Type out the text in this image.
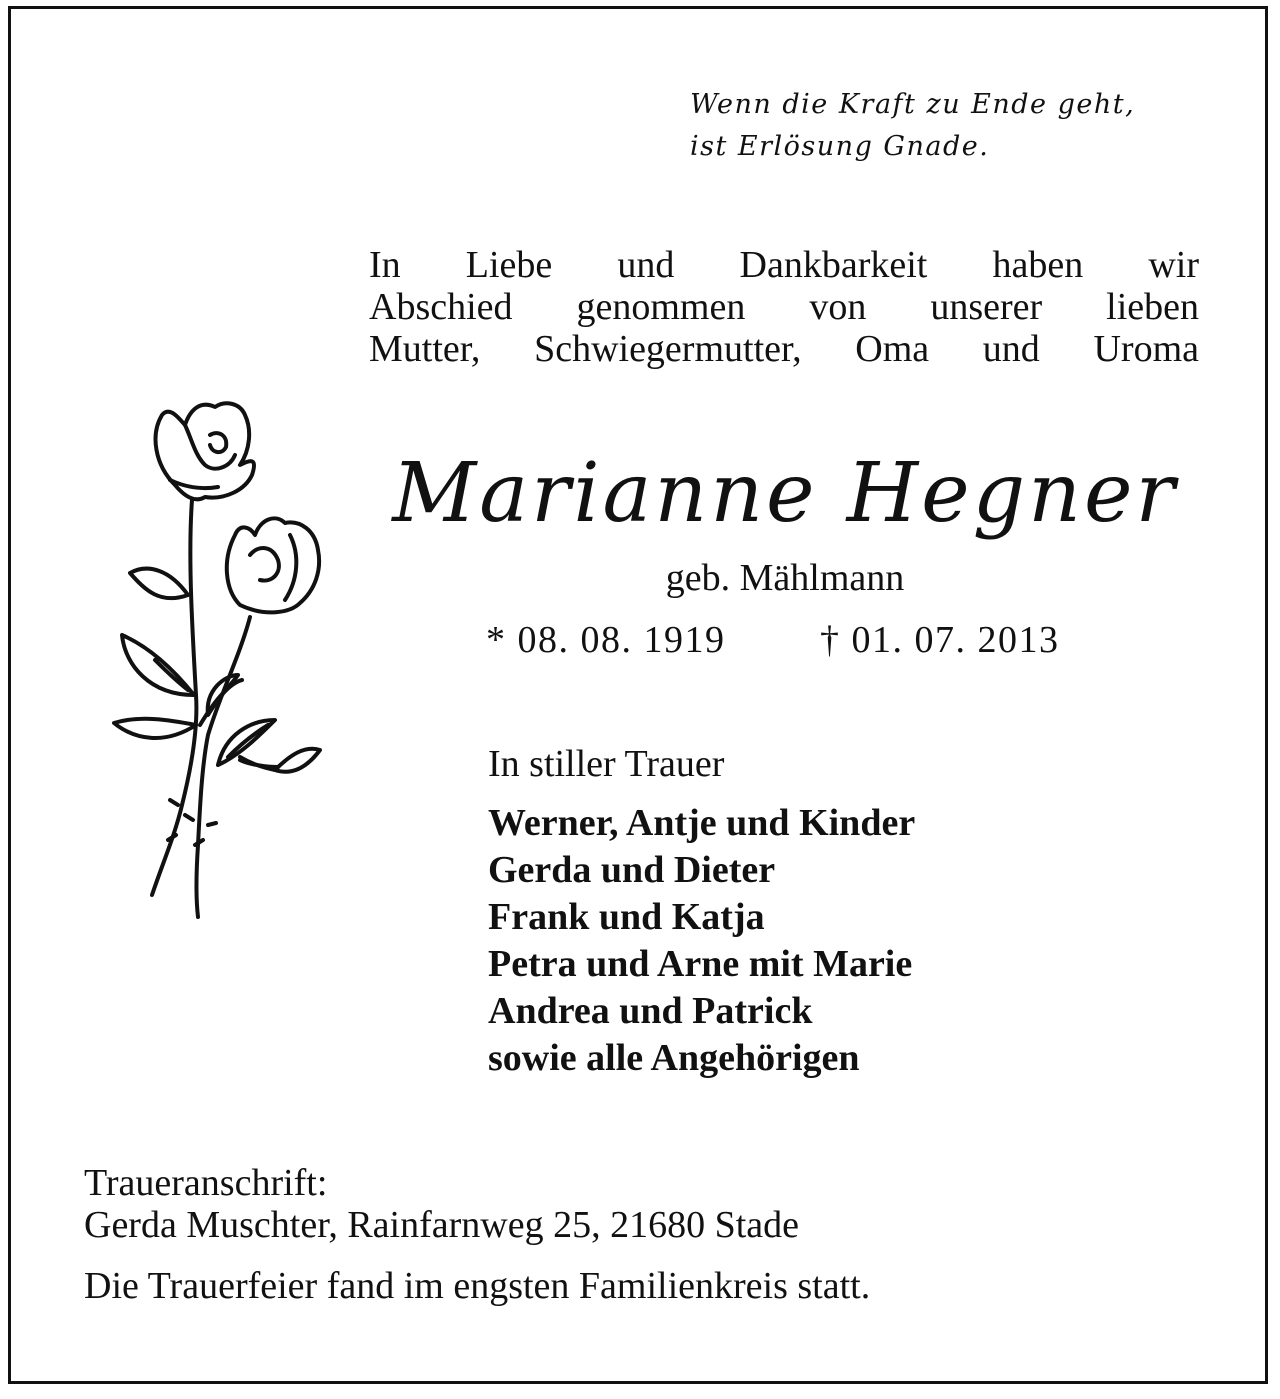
Wenn die Kraft zu Ende geht,
ist Erlösung Gnade.
In Liebe und Dankbarkeit haben wir
Abschied genommen von unserer lieben
Mutter, Schwiegermutter, Oma und Uroma
Marianne Hegner
geb. Mählmann
* 08. 08. 1919 † 01. 07. 2013
In stiller Trauer
Werner, Antje und Kinder
Gerda und Dieter
Frank und Katja
Petra und Arne mit Marie
Andrea und Patrick
sowie alle Angehörigen
Traueranschrift:
Gerda Muschter, Rainfarnweg 25, 21680 Stade
Die Trauerfeier fand im engsten Familienkreis statt.
